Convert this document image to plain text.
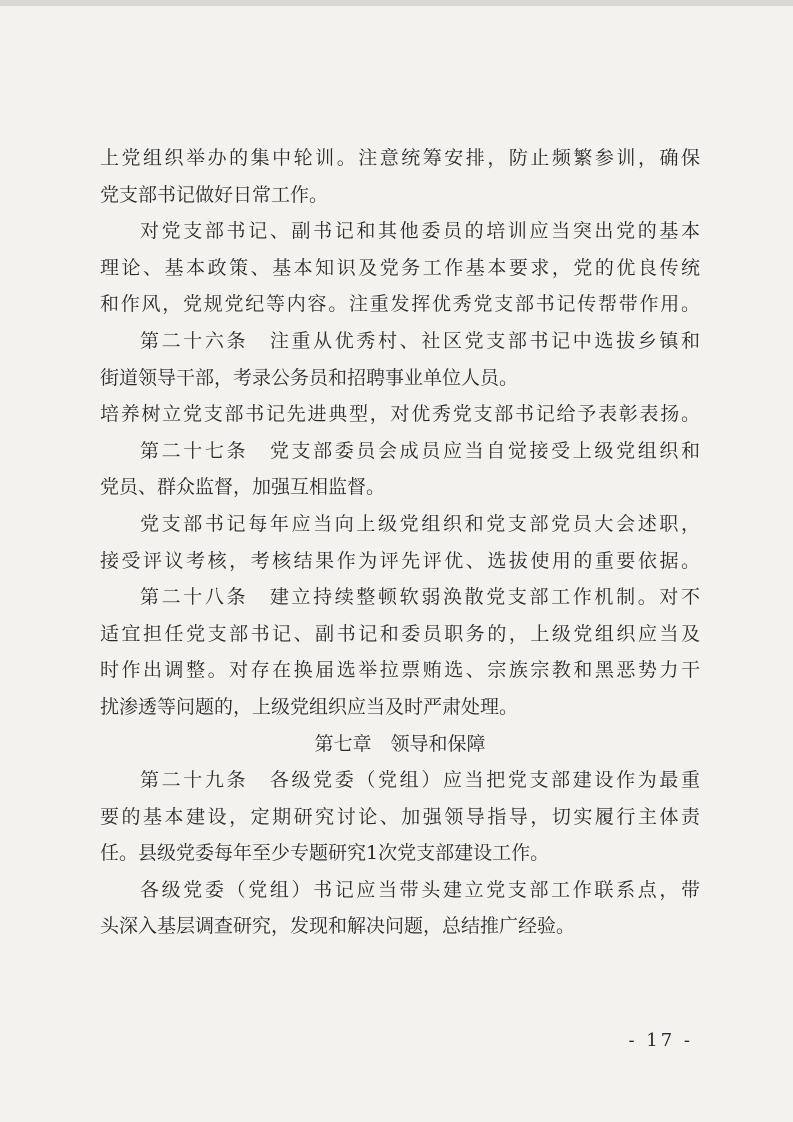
上党组织举办的集中轮训。注意统筹安排，防止频繁参训，确保
党支部书记做好日常工作。
对党支部书记、副书记和其他委员的培训应当突出党的基本
理论、基本政策、基本知识及党务工作基本要求，党的优良传统
和作风，党规党纪等内容。注重发挥优秀党支部书记传帮带作用。
第二十六条　注重从优秀村、社区党支部书记中选拔乡镇和
街道领导干部，考录公务员和招聘事业单位人员。
培养树立党支部书记先进典型，对优秀党支部书记给予表彰表扬。
第二十七条　党支部委员会成员应当自觉接受上级党组织和
党员、群众监督，加强互相监督。
党支部书记每年应当向上级党组织和党支部党员大会述职，
接受评议考核，考核结果作为评先评优、选拔使用的重要依据。
第二十八条　建立持续整顿软弱涣散党支部工作机制。对不
适宜担任党支部书记、副书记和委员职务的，上级党组织应当及
时作出调整。对存在换届选举拉票贿选、宗族宗教和黑恶势力干
扰渗透等问题的，上级党组织应当及时严肃处理。
第七章　领导和保障
第二十九条　各级党委（党组）应当把党支部建设作为最重
要的基本建设，定期研究讨论、加强领导指导，切实履行主体责
任。县级党委每年至少专题研究1次党支部建设工作。
各级党委（党组）书记应当带头建立党支部工作联系点，带
头深入基层调查研究，发现和解决问题，总结推广经验。
- 17 -
